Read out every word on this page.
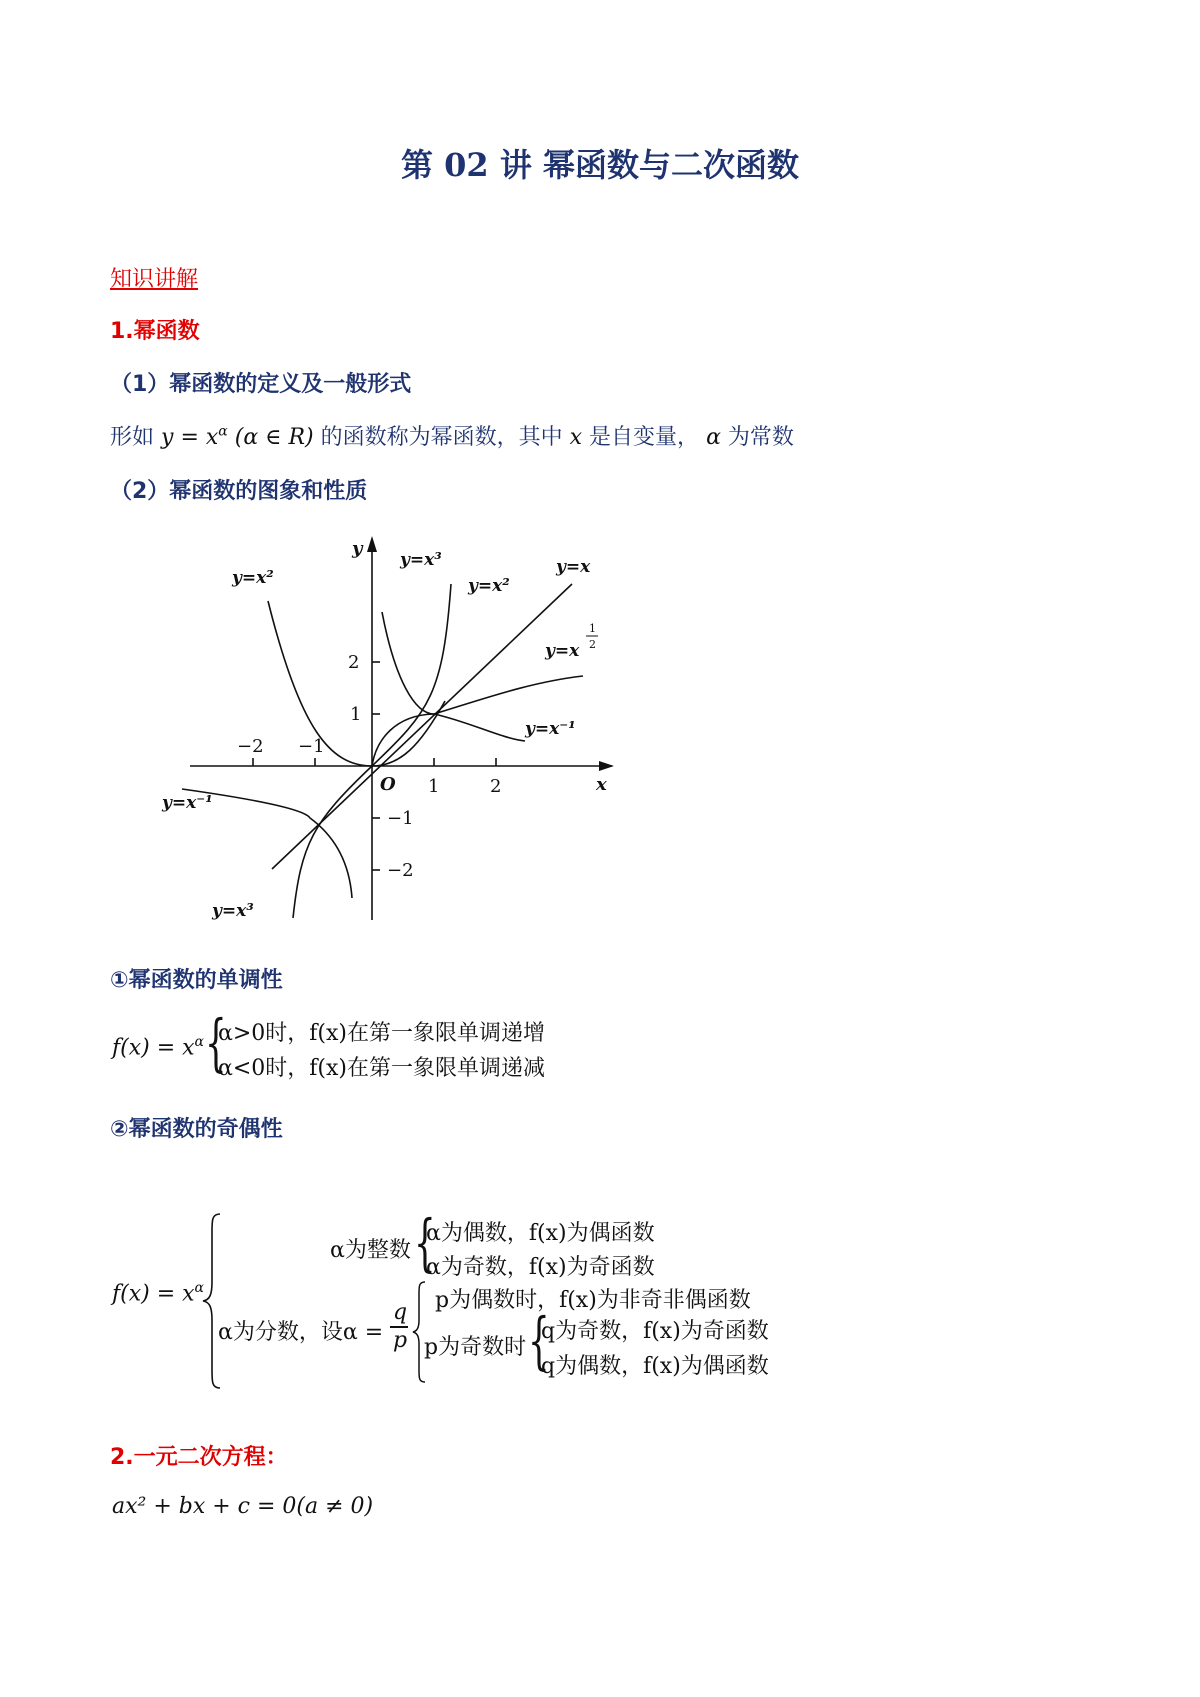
第 02 讲 幂函数与二次函数
知识讲解
1.幂函数
（1）幂函数的定义及一般形式
形如 $y = x^\alpha$ (α ∈ R) 的函数称为幂函数，其中 x 是自变量， α 为常数
（2）幂函数的图象和性质
y
x
O
−2 −1
1	2
2
1
−1
−2
y=x²
y=x³
y=x²
y=x
y=x
y=x⁻¹
y=x⁻¹
y=x³
1
2
①幂函数的单调性
$f(x) = x^\alpha$ {
α>0时，f(x)在第一象限单调递增
α<0时，f(x)在第一象限单调递减
②幂函数的奇偶性
$f(x) = x^\alpha$
α为整数 {
α为偶数，f(x)为偶函数
α为奇数，f(x)为奇函数
α为分数，设α =
q
p
p为偶数时，f(x)为非奇非偶函数
p为奇数时 {
q为奇数，f(x)为奇函数
q为偶数，f(x)为偶函数
2.一元二次方程：
ax² + bx + c = 0(a ≠ 0)
